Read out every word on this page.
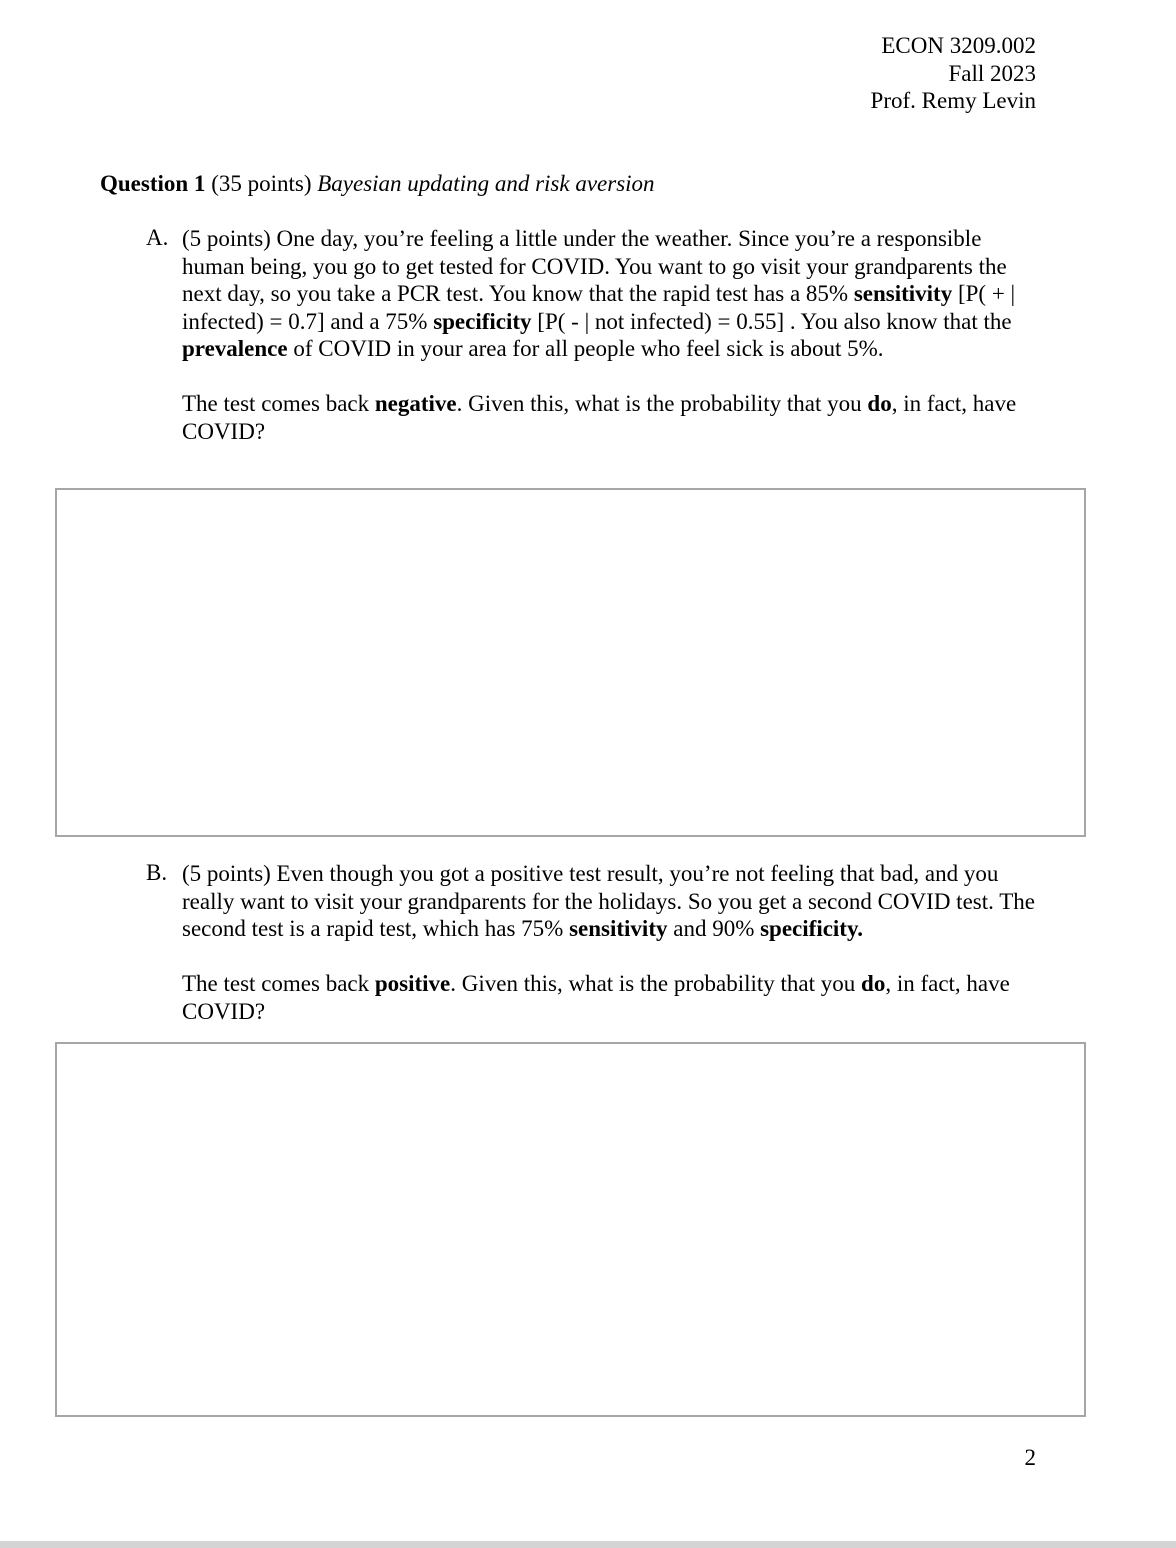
ECON 3209.002
Fall 2023
Prof. Remy Levin
Question 1 (35 points) Bayesian updating and risk aversion
A. (5 points) One day, you’re feeling a little under the weather. Since you’re a responsible human being, you go to get tested for COVID. You want to go visit your grandparents the next day, so you take a PCR test. You know that the rapid test has a 85% sensitivity [P( + | infected) = 0.7] and a 75% specificity [P( - | not infected) = 0.55] . You also know that the prevalence of COVID in your area for all people who feel sick is about 5%.

The test comes back negative. Given this, what is the probability that you do, in fact, have COVID?

B. (5 points) Even though you got a positive test result, you’re not feeling that bad, and you really want to visit your grandparents for the holidays. So you get a second COVID test. The second test is a rapid test, which has 75% sensitivity and 90% specificity.

The test comes back positive. Given this, what is the probability that you do, in fact, have COVID?

2
